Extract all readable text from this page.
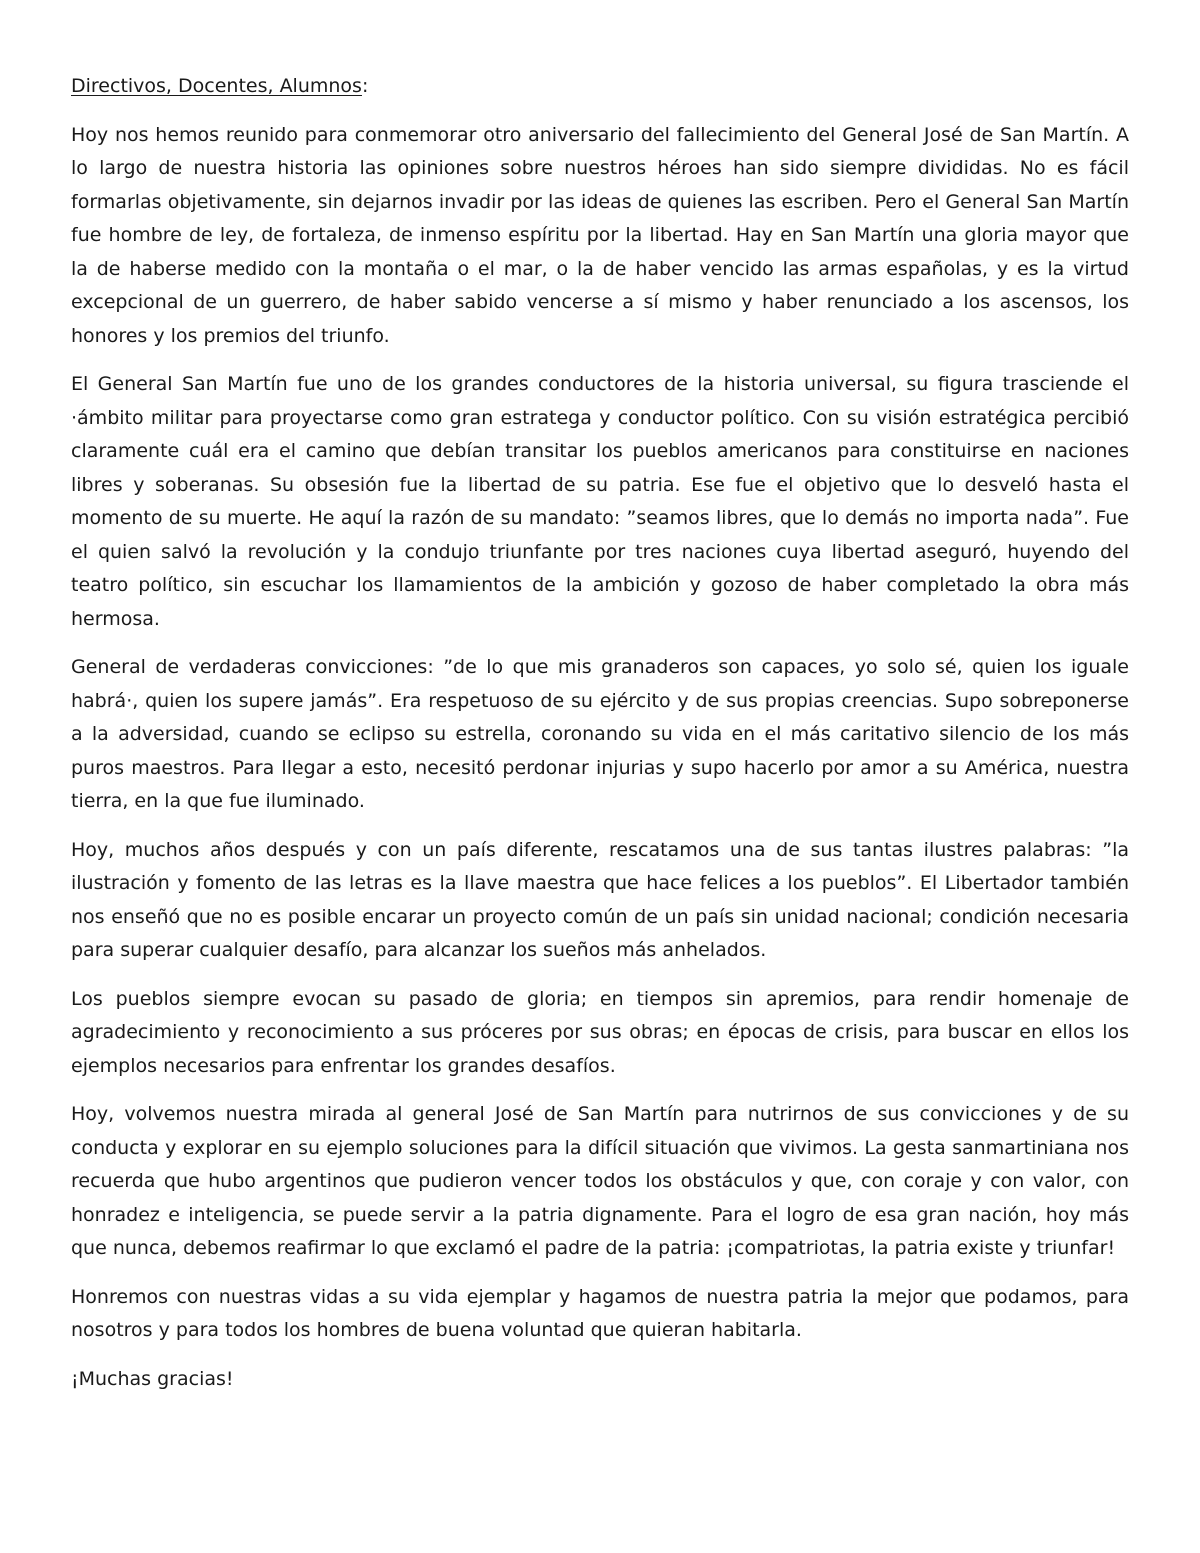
Directivos, Docentes, Alumnos:

Hoy nos hemos reunido para conmemorar otro aniversario del fallecimiento del General José de San Martín. A lo largo de nuestra historia las opiniones sobre nuestros héroes han sido siempre divididas. No es fácil formarlas objetivamente, sin dejarnos invadir por las ideas de quienes las escriben. Pero el General San Martín fue hombre de ley, de fortaleza, de inmenso espíritu por la libertad. Hay en San Martín una gloria mayor que la de haberse medido con la montaña o el mar, o la de haber vencido las armas españolas, y es la virtud excepcional de un guerrero, de haber sabido vencerse a sí mismo y haber renunciado a los ascensos, los honores y los premios del triunfo.

El General San Martín fue uno de los grandes conductores de la historia universal, su figura trasciende el ·ámbito militar para proyectarse como gran estratega y conductor político. Con su visión estratégica percibió claramente cuál era el camino que debían transitar los pueblos americanos para constituirse en naciones libres y soberanas. Su obsesión fue la libertad de su patria. Ese fue el objetivo que lo desveló hasta el momento de su muerte. He aquí la razón de su mandato: ”seamos libres, que lo demás no importa nada”. Fue el quien salvó la revolución y la condujo triunfante por tres naciones cuya libertad aseguró, huyendo del teatro político, sin escuchar los llamamientos de la ambición y gozoso de haber completado la obra más hermosa.

General de verdaderas convicciones: ”de lo que mis granaderos son capaces, yo solo sé, quien los iguale habrá·, quien los supere jamás”. Era respetuoso de su ejército y de sus propias creencias. Supo sobreponerse a la adversidad, cuando se eclipso su estrella, coronando su vida en el más caritativo silencio de los más puros maestros. Para llegar a esto, necesitó perdonar injurias y supo hacerlo por amor a su América, nuestra tierra, en la que fue iluminado.

Hoy, muchos años después y con un país diferente, rescatamos una de sus tantas ilustres palabras: ”la ilustración y fomento de las letras es la llave maestra que hace felices a los pueblos”. El Libertador también nos enseñó que no es posible encarar un proyecto común de un país sin unidad nacional; condición necesaria para superar cualquier desafío, para alcanzar los sueños más anhelados.

Los pueblos siempre evocan su pasado de gloria; en tiempos sin apremios, para rendir homenaje de agradecimiento y reconocimiento a sus próceres por sus obras; en épocas de crisis, para buscar en ellos los ejemplos necesarios para enfrentar los grandes desafíos.

Hoy, volvemos nuestra mirada al general José de San Martín para nutrirnos de sus convicciones y de su conducta y explorar en su ejemplo soluciones para la difícil situación que vivimos. La gesta sanmartiniana nos recuerda que hubo argentinos que pudieron vencer todos los obstáculos y que, con coraje y con valor, con honradez e inteligencia, se puede servir a la patria dignamente. Para el logro de esa gran nación, hoy más que nunca, debemos reafirmar lo que exclamó el padre de la patria: ¡compatriotas, la patria existe y triunfar!

Honremos con nuestras vidas a su vida ejemplar y hagamos de nuestra patria la mejor que podamos, para nosotros y para todos los hombres de buena voluntad que quieran habitarla.

¡Muchas gracias!
